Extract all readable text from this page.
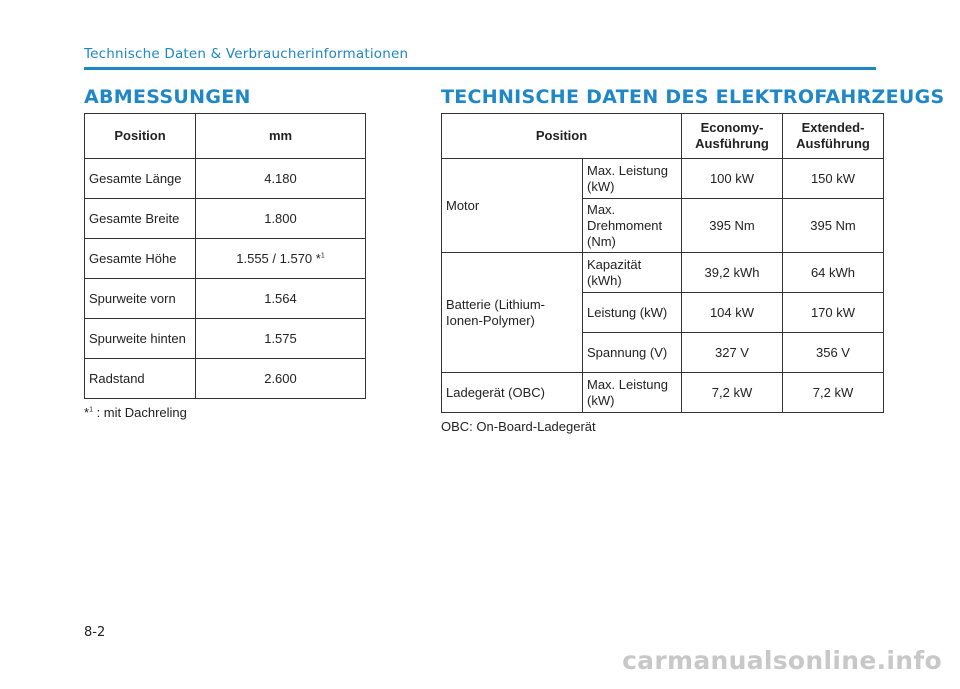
Technische Daten & Verbraucherinformationen
ABMESSUNGEN
Position	mm
Gesamte Länge	4.180
Gesamte Breite	1.800
Gesamte Höhe	1.555 / 1.570 *$^1$
Spurweite vorn	1.564
Spurweite hinten	1.575
Radstand	2.600
*$^1$ : mit Dachreling
TECHNISCHE DATEN DES ELEKTROFAHRZEUGS
Position		Economy-Ausführung	Extended-Ausführung
Motor	Max. Leistung (kW)	100 kW	150 kW
	Max. Drehmoment (Nm)	395 Nm	395 Nm
Batterie (Lithium-Ionen-Polymer)	Kapazität (kWh)	39,2 kWh	64 kWh
	Leistung (kW)	104 kW	170 kW
	Spannung (V)	327 V	356 V
Ladegerät (OBC)	Max. Leistung (kW)	7,2 kW	7,2 kW
OBC: On-Board-Ladegerät
8-2
carmanualsonline.info
